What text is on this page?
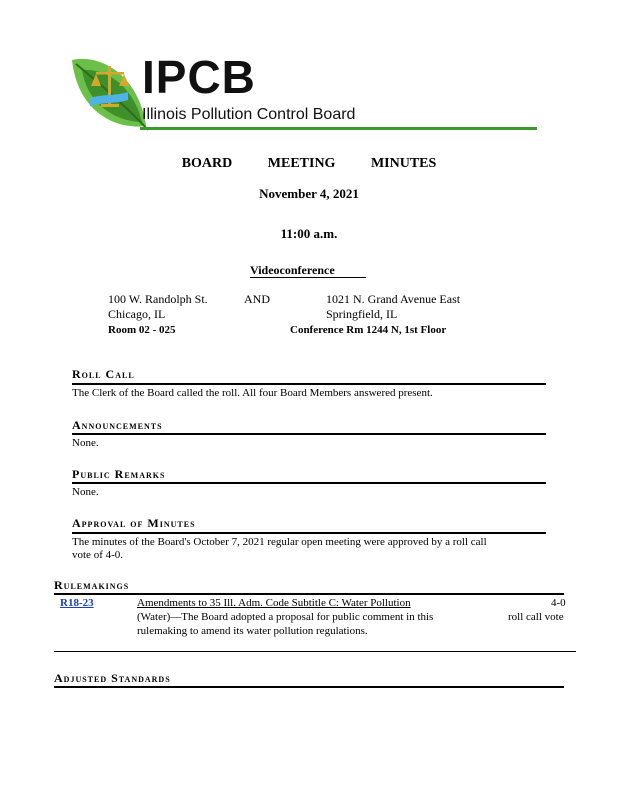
IPCB
Illinois Pollution Control Board
BOARD MEETING MINUTES
November 4, 2021
11:00 a.m.
Videoconference
100 W. Randolph St.	AND	1021 N. Grand Avenue East
Chicago, IL	Springfield, IL
Room 02 - 025	Conference Rm 1244 N, 1st Floor
Roll Call
The Clerk of the Board called the roll. All four Board Members answered present.
Announcements
None.
Public Remarks
None.
Approval of Minutes
The minutes of the Board's October 7, 2021 regular open meeting were approved by a roll call
vote of 4-0.
Rulemakings
R18-23	Amendments to 35 Ill. Adm. Code Subtitle C: Water Pollution	4-0
(Water)—The Board adopted a proposal for public comment in this	roll call vote
rulemaking to amend its water pollution regulations.
Adjusted Standards
